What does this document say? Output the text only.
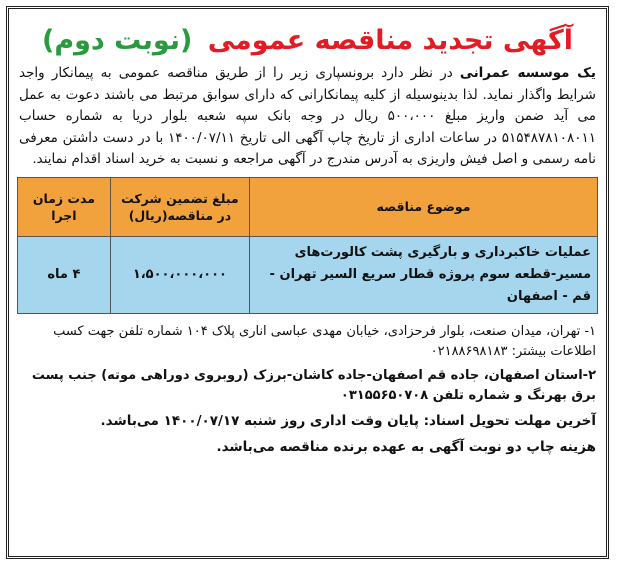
آگهی تجدید مناقصه عمومی (نوبت دوم)
یک موسسه عمرانی در نظر دارد برونسپاری زیر را از طریق مناقصه عمومی به پیمانکار واجد شرایط واگذار نماید. لذا بدینوسیله از کلیه پیمانکارانی که دارای سوابق مرتبط می باشند دعوت به عمل می آید ضمن واریز مبلغ ۵۰۰،۰۰۰ ریال در وجه بانک سپه شعبه بلوار دریا به شماره حساب ۵۱۵۴۸۷۸۱۰۸۰۱۱ در ساعات اداری از تاریخ چاپ آگهی الی تاریخ ۱۴۰۰/۰۷/۱۱ با در دست داشتن معرفی نامه رسمی و اصل فیش واریزی به آدرس مندرج در آگهی مراجعه و نسبت به خرید اسناد اقدام نمایند.
موضوع مناقصه	مبلغ تضمین شرکت در مناقصه(ریال)	مدت زمان اجرا
عملیات خاکبرداری و بارگیری پشت کالورت‌های مسیر-قطعه سوم پروژه قطار سریع السیر تهران - قم - اصفهان	۱،۵۰۰،۰۰۰،۰۰۰	۴ ماه
۱- تهران، میدان صنعت، بلوار فرحزادی، خیابان مهدی عباسی اناری پلاک ۱۰۴ شماره تلفن جهت کسب اطلاعات بیشتر: ۰۲۱۸۸۶۹۸۱۸۳
۲-استان اصفهان، جاده قم اصفهان-جاده کاشان-برزک (روبروی دوراهی موته) جنب پست برق بهرنگ و شماره تلفن ۰۳۱۵۵۶۵۰۷۰۸
آخرین مهلت تحویل اسناد: پایان وقت اداری روز شنبه ۱۴۰۰/۰۷/۱۷ می‌باشد.
هزینه چاپ دو نوبت آگهی به عهده برنده مناقصه می‌باشد.
